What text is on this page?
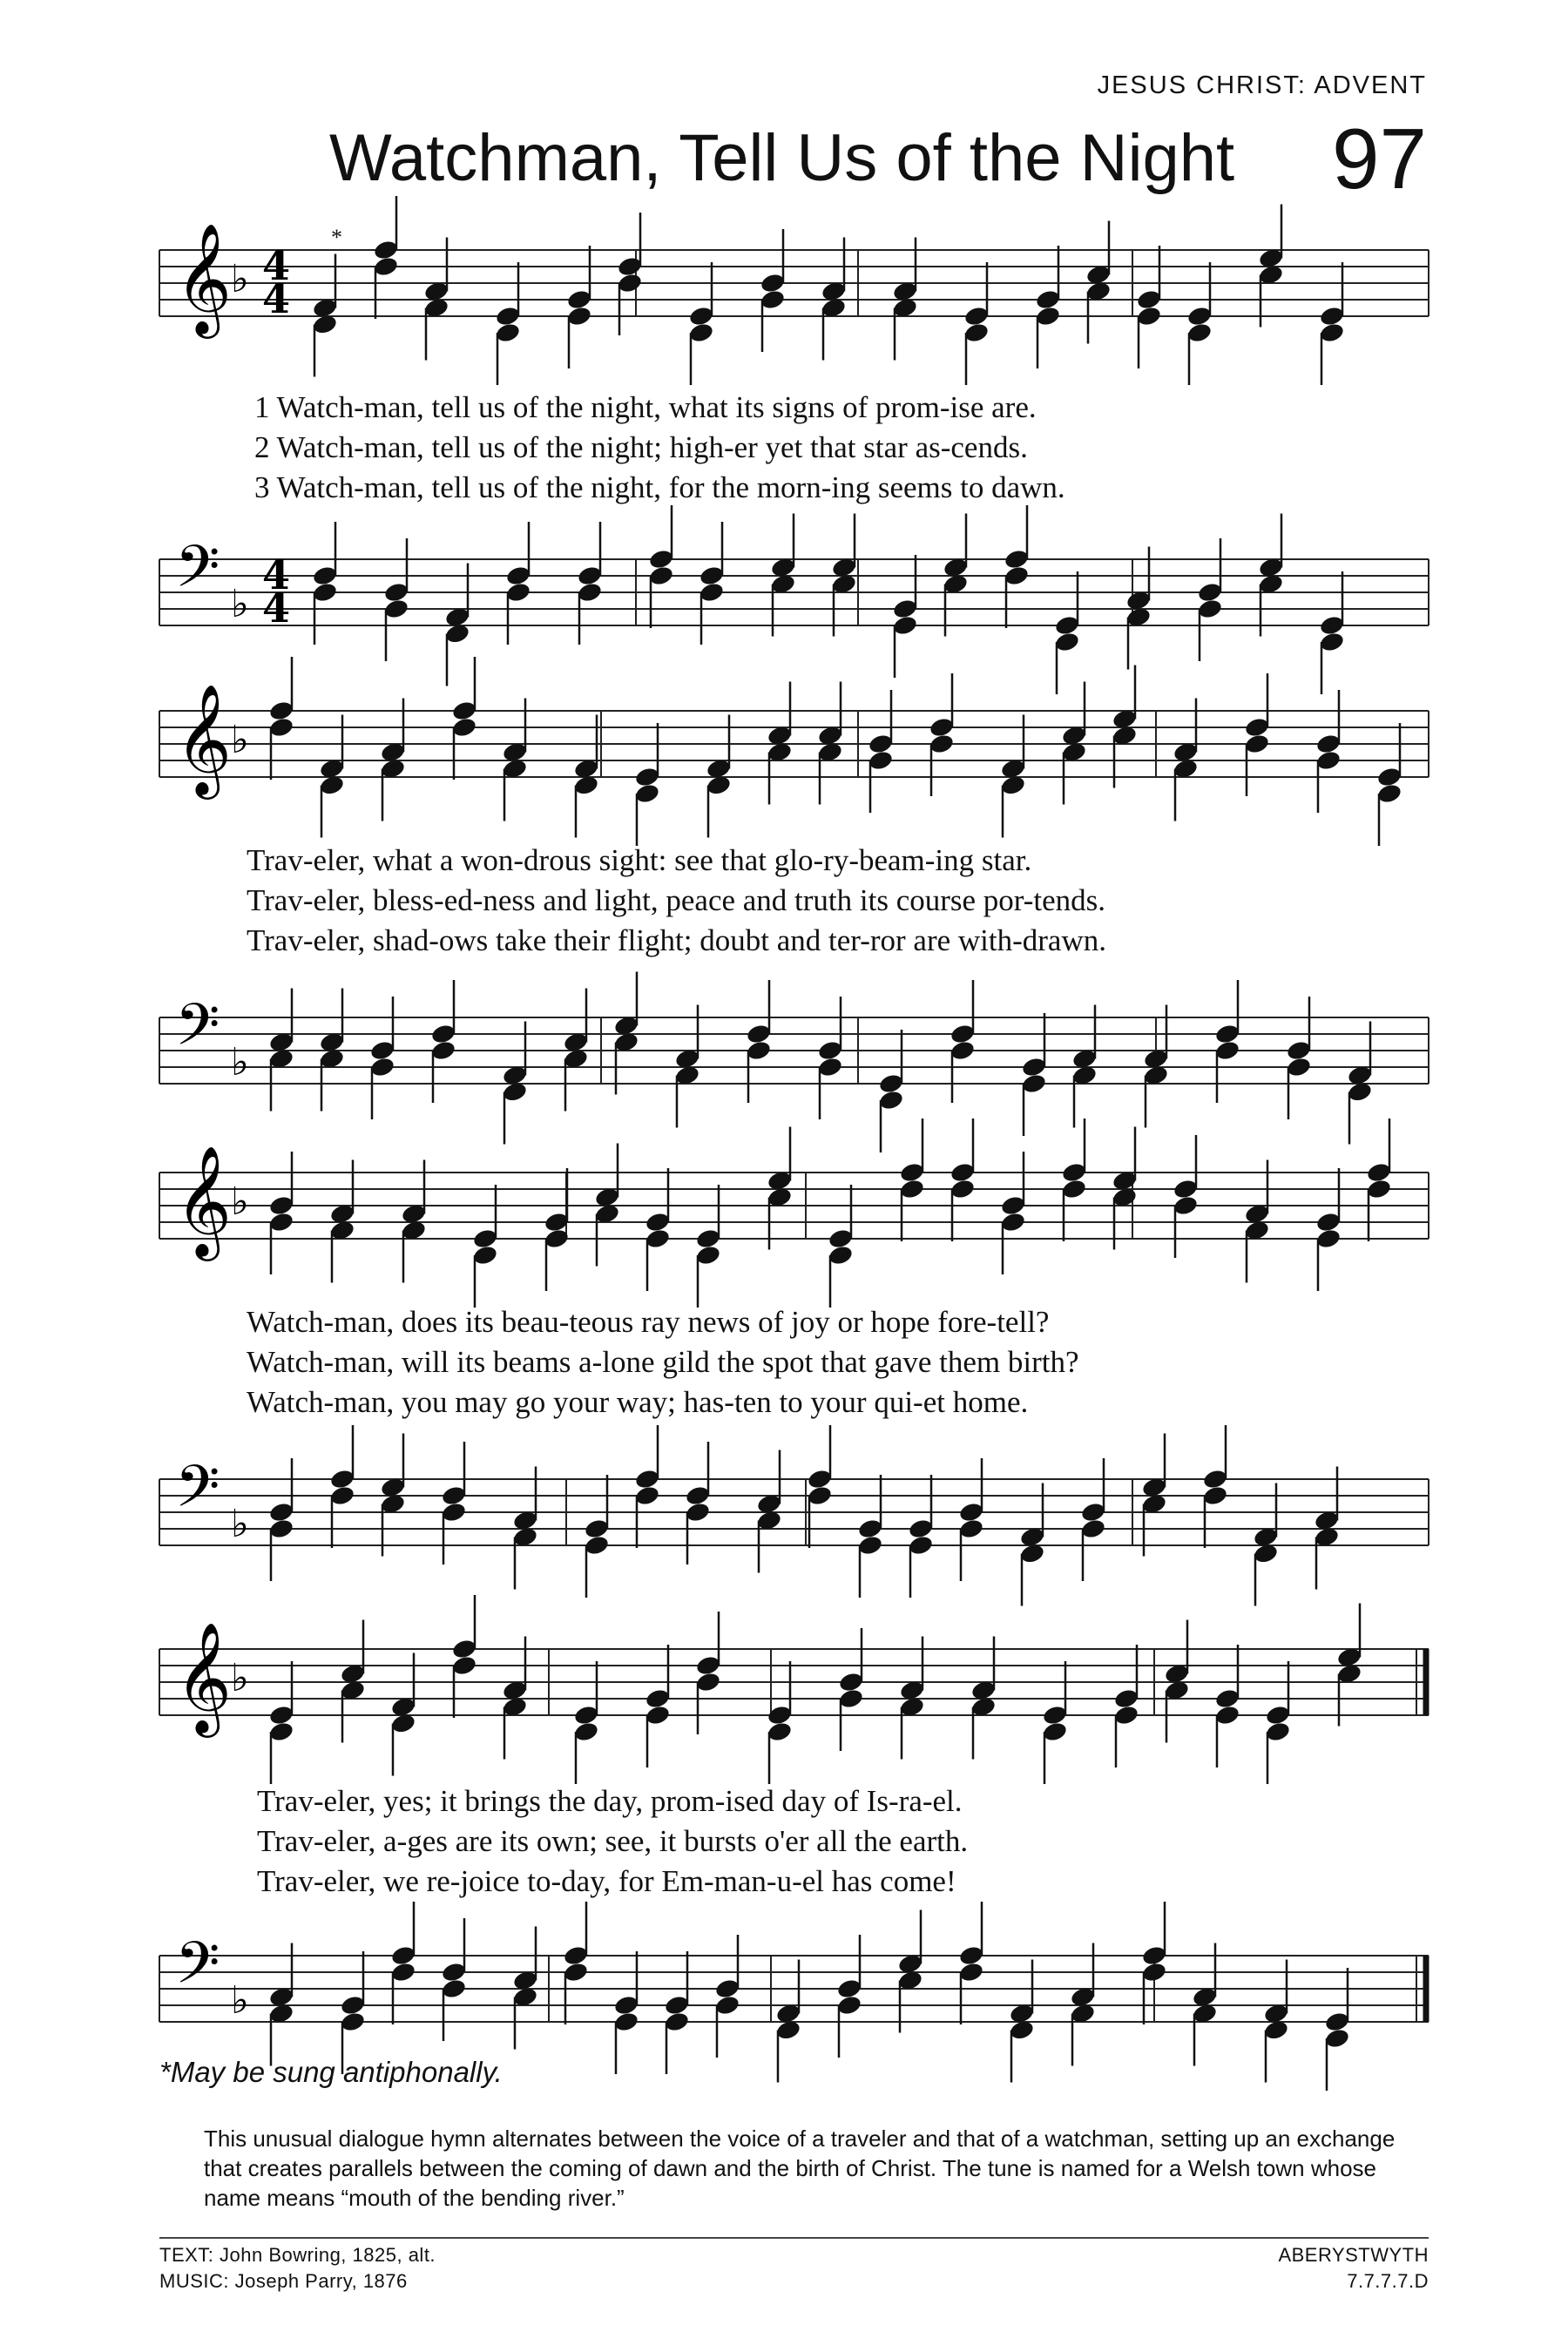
JESUS CHRIST: ADVENT
Watchman, Tell Us of the Night 97
*
𝄞
♭ 4
4
𝄢 ♭
4
4
𝄞
♭
𝄢 ♭
𝄞
♭
𝄢 ♭
𝄞
♭
𝄢 ♭
1 Watch-man, tell us of the night, what its signs of prom-ise are.
2 Watch-man, tell us of the night; high-er yet that star as-cends.
3 Watch-man, tell us of the night, for the morn-ing seems to dawn.
Trav-eler, what a won-drous sight: see that glo-ry-beam-ing star.
Trav-eler, bless-ed-ness and light, peace and truth its course por-tends.
Trav-eler, shad-ows take their flight; doubt and ter-ror are with-drawn.
Watch-man, does its beau-teous ray news of joy or hope fore-tell?
Watch-man, will its beams a-lone gild the spot that gave them birth?
Watch-man, you may go your way; has-ten to your qui-et home.
Trav-eler, yes; it brings the day, prom-ised day of Is-ra-el.
Trav-eler, a-ges are its own; see, it bursts o'er all the earth.
Trav-eler, we re-joice to-day, for Em-man-u-el has come!
*May be sung antiphonally.
This unusual dialogue hymn alternates between the voice of a traveler and that of a watchman, setting up an exchange that creates parallels between the coming of dawn and the birth of Christ. The tune is named for a Welsh town whose name means “mouth of the bending river.”
TEXT: John Bowring, 1825, alt.
MUSIC: Joseph Parry, 1876
ABERYSTWYTH
7.7.7.7.D
